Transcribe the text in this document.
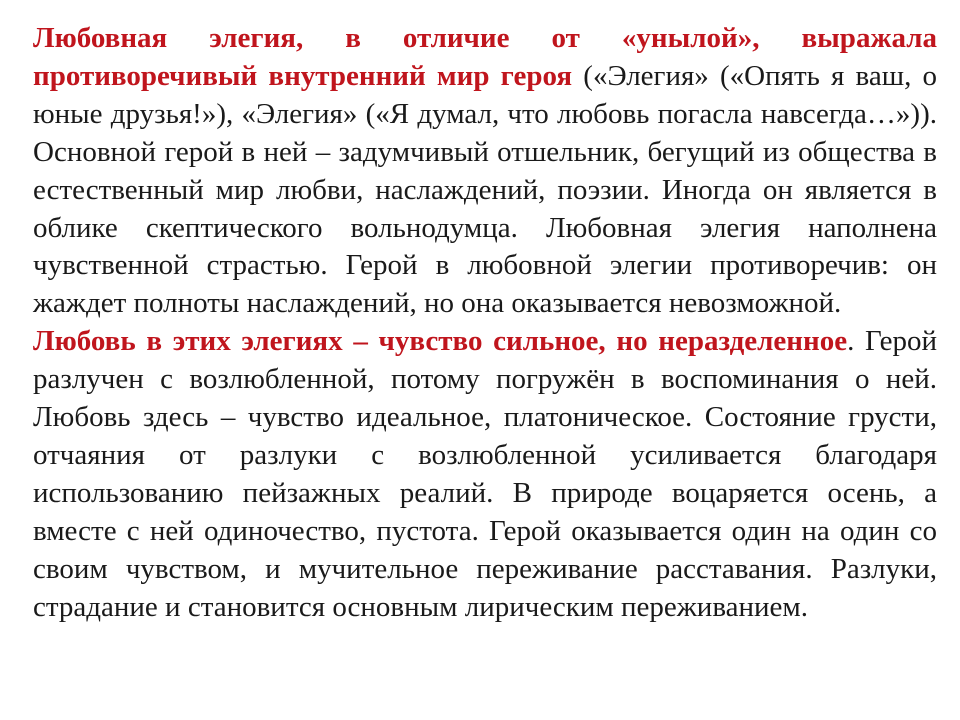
Любовная элегия, в отличие от «унылой», выражала противоречивый внутренний мир героя («Элегия» («Опять я ваш, о юные друзья!»), «Элегия» («Я думал, что любовь погасла навсегда…»)). Основной герой в ней – задумчивый отшельник, бегущий из общества в естественный мир любви, наслаждений, поэзии. Иногда он является в облике скептического вольнодумца. Любовная элегия наполнена чувственной страстью. Герой в любовной элегии противоречив: он жаждет полноты наслаждений, но она оказывается невозможной.

Любовь в этих элегиях – чувство сильное, но неразделенное. Герой разлучен с возлюбленной, потому погружён в воспоминания о ней. Любовь здесь – чувство идеальное, платоническое. Состояние грусти, отчаяния от разлуки с возлюбленной усиливается благодаря использованию пейзажных реалий. В природе воцаряется осень, а вместе с ней одиночество, пустота. Герой оказывается один на один со своим чувством, и мучительное переживание расставания. Разлуки, страдание и становится основным лирическим переживанием.
